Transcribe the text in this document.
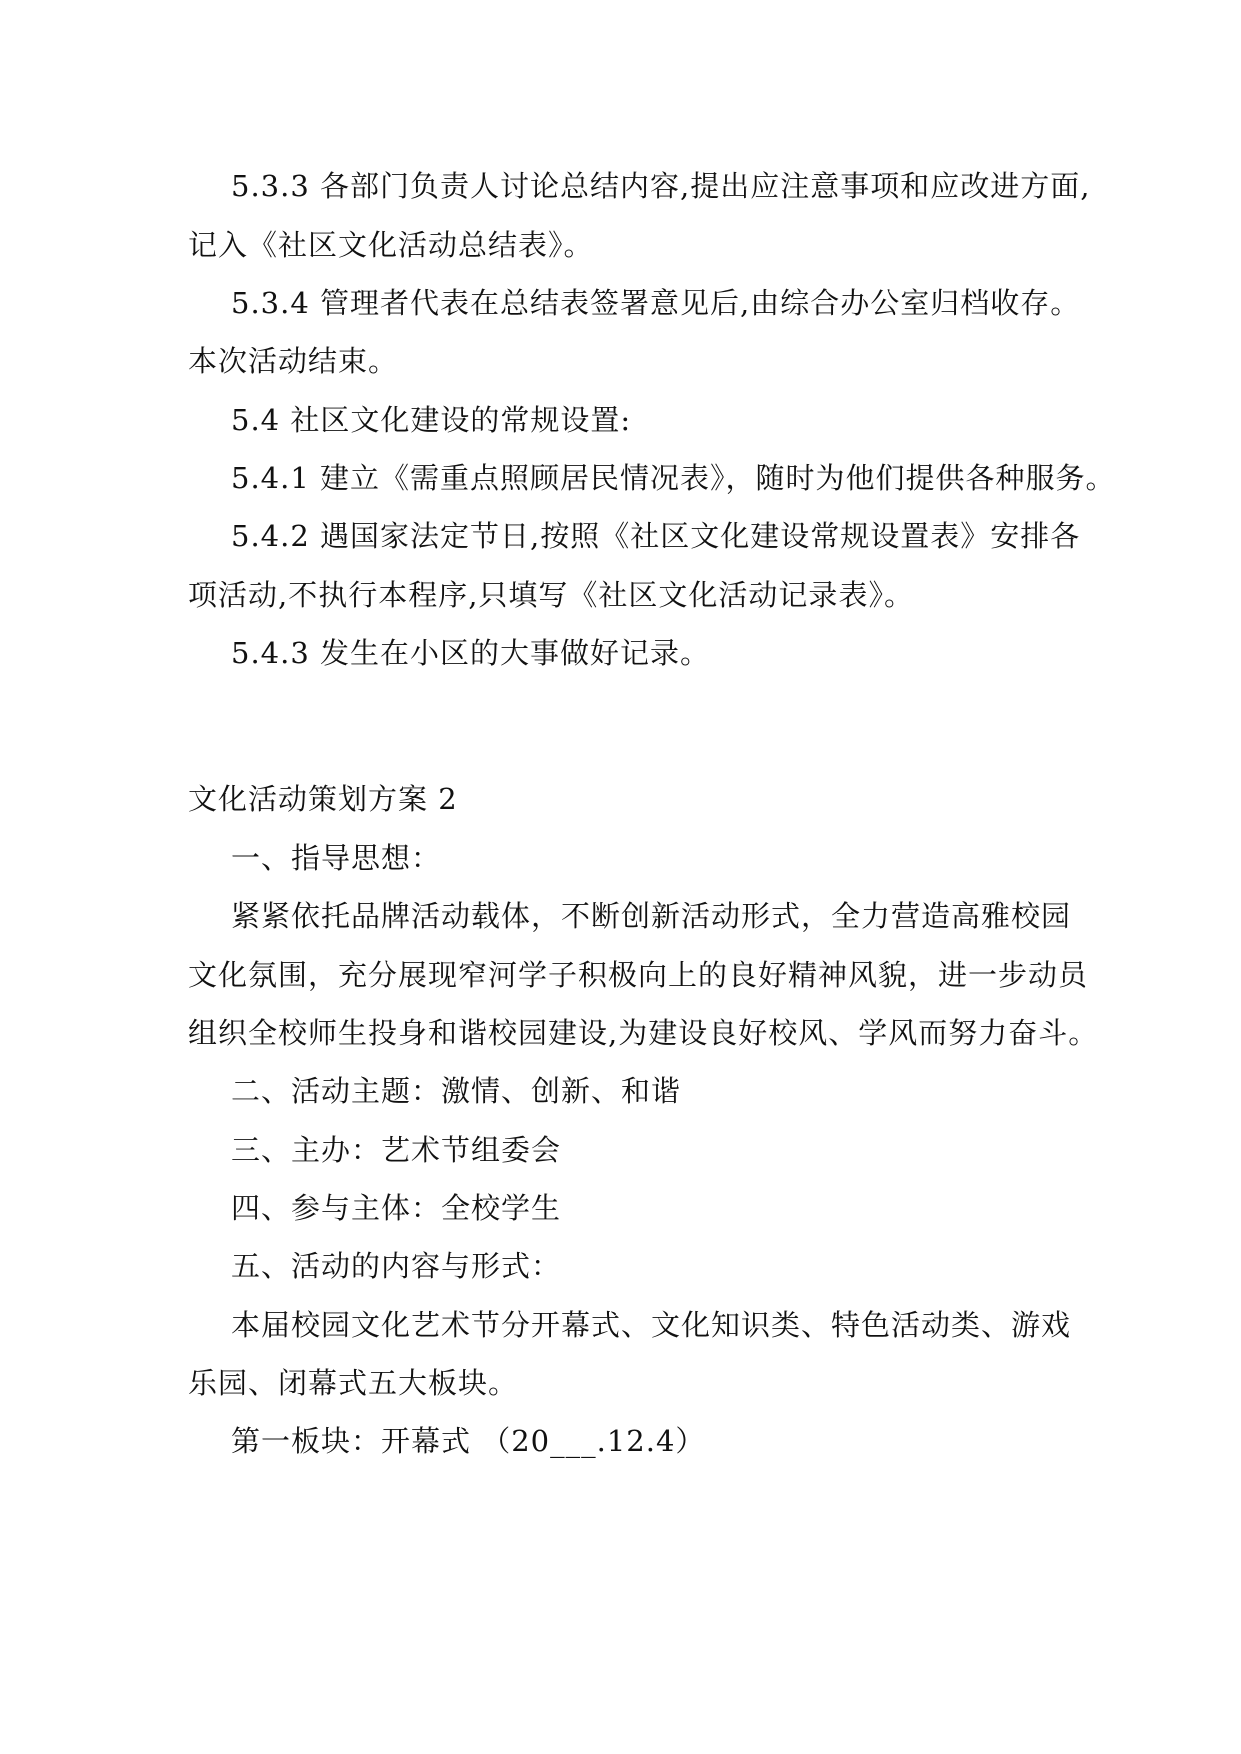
5.3.3 各部门负责人讨论总结内容,提出应注意事项和应改进方面,
记入《社区文化活动总结表》。
5.3.4 管理者代表在总结表签署意见后,由综合办公室归档收存。
本次活动结束。
5.4 社区文化建设的常规设置:
5.4.1 建立《需重点照顾居民情况表》，随时为他们提供各种服务。
5.4.2 遇国家法定节日,按照《社区文化建设常规设置表》安排各
项活动,不执行本程序,只填写《社区文化活动记录表》。
5.4.3 发生在小区的大事做好记录。
文化活动策划方案 2
一、指导思想：
紧紧依托品牌活动载体，不断创新活动形式，全力营造高雅校园
文化氛围，充分展现窄河学子积极向上的良好精神风貌，进一步动员
组织全校师生投身和谐校园建设,为建设良好校风、学风而努力奋斗。
二、活动主题：激情、创新、和谐
三、主办：艺术节组委会
四、参与主体：全校学生
五、活动的内容与形式：
本届校园文化艺术节分开幕式、文化知识类、特色活动类、游戏
乐园、闭幕式五大板块。
第一板块：开幕式 （20___.12.4）
